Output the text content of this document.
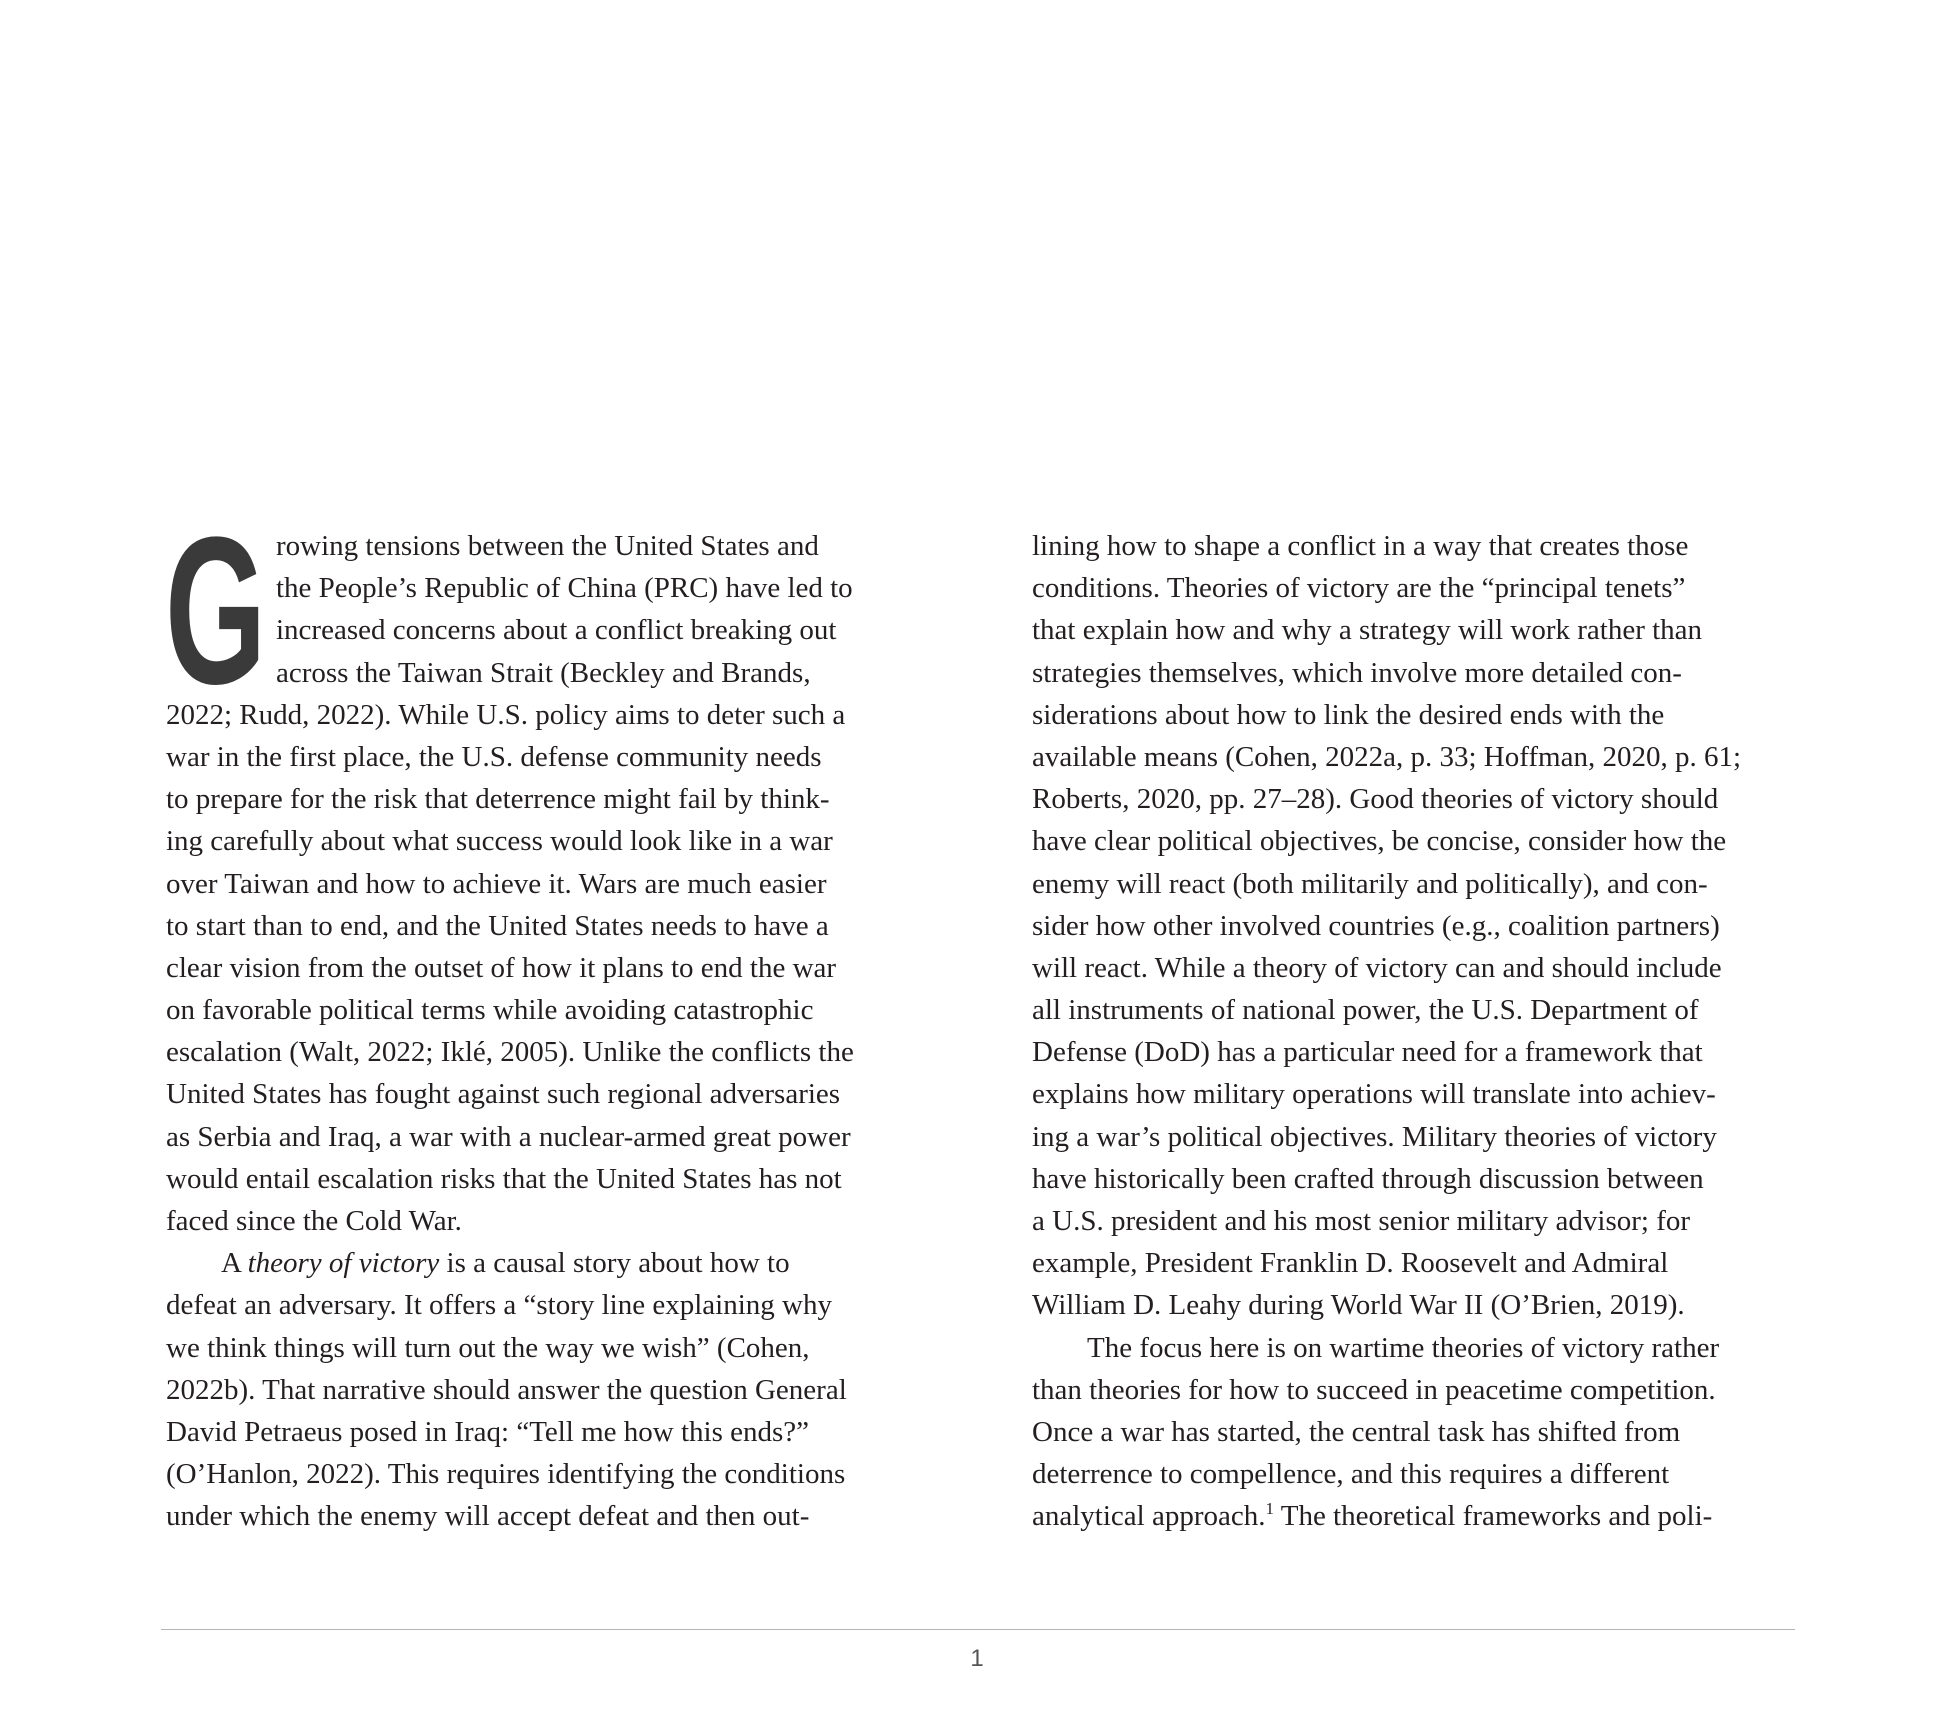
G rowing tensions between the United States and
the People’s Republic of China (PRC) have led to
increased concerns about a conflict breaking out
across the Taiwan Strait (Beckley and Brands,
2022; Rudd, 2022). While U.S. policy aims to deter such a
war in the first place, the U.S. defense community needs
to prepare for the risk that deterrence might fail by think-
ing carefully about what success would look like in a war
over Taiwan and how to achieve it. Wars are much easier
to start than to end, and the United States needs to have a
clear vision from the outset of how it plans to end the war
on favorable political terms while avoiding catastrophic
escalation (Walt, 2022; Iklé, 2005). Unlike the conflicts the
United States has fought against such regional adversaries
as Serbia and Iraq, a war with a nuclear-armed great power
would entail escalation risks that the United States has not
faced since the Cold War.
A theory of victory is a causal story about how to
defeat an adversary. It offers a “story line explaining why
we think things will turn out the way we wish” (Cohen,
2022b). That narrative should answer the question General
David Petraeus posed in Iraq: “Tell me how this ends?”
(O’Hanlon, 2022). This requires identifying the conditions
under which the enemy will accept defeat and then out-
lining how to shape a conflict in a way that creates those
conditions. Theories of victory are the “principal tenets”
that explain how and why a strategy will work rather than
strategies themselves, which involve more detailed con-
siderations about how to link the desired ends with the
available means (Cohen, 2022a, p. 33; Hoffman, 2020, p. 61;
Roberts, 2020, pp. 27–28). Good theories of victory should
have clear political objectives, be concise, consider how the
enemy will react (both militarily and politically), and con-
sider how other involved countries (e.g., coalition partners)
will react. While a theory of victory can and should include
all instruments of national power, the U.S. Department of
Defense (DoD) has a particular need for a framework that
explains how military operations will translate into achiev-
ing a war’s political objectives. Military theories of victory
have historically been crafted through discussion between
a U.S. president and his most senior military advisor; for
example, President Franklin D. Roosevelt and Admiral
William D. Leahy during World War II (O’Brien, 2019).
The focus here is on wartime theories of victory rather
than theories for how to succeed in peacetime competition.
Once a war has started, the central task has shifted from
deterrence to compellence, and this requires a different
analytical approach.$^1$ The theoretical frameworks and poli-
1
